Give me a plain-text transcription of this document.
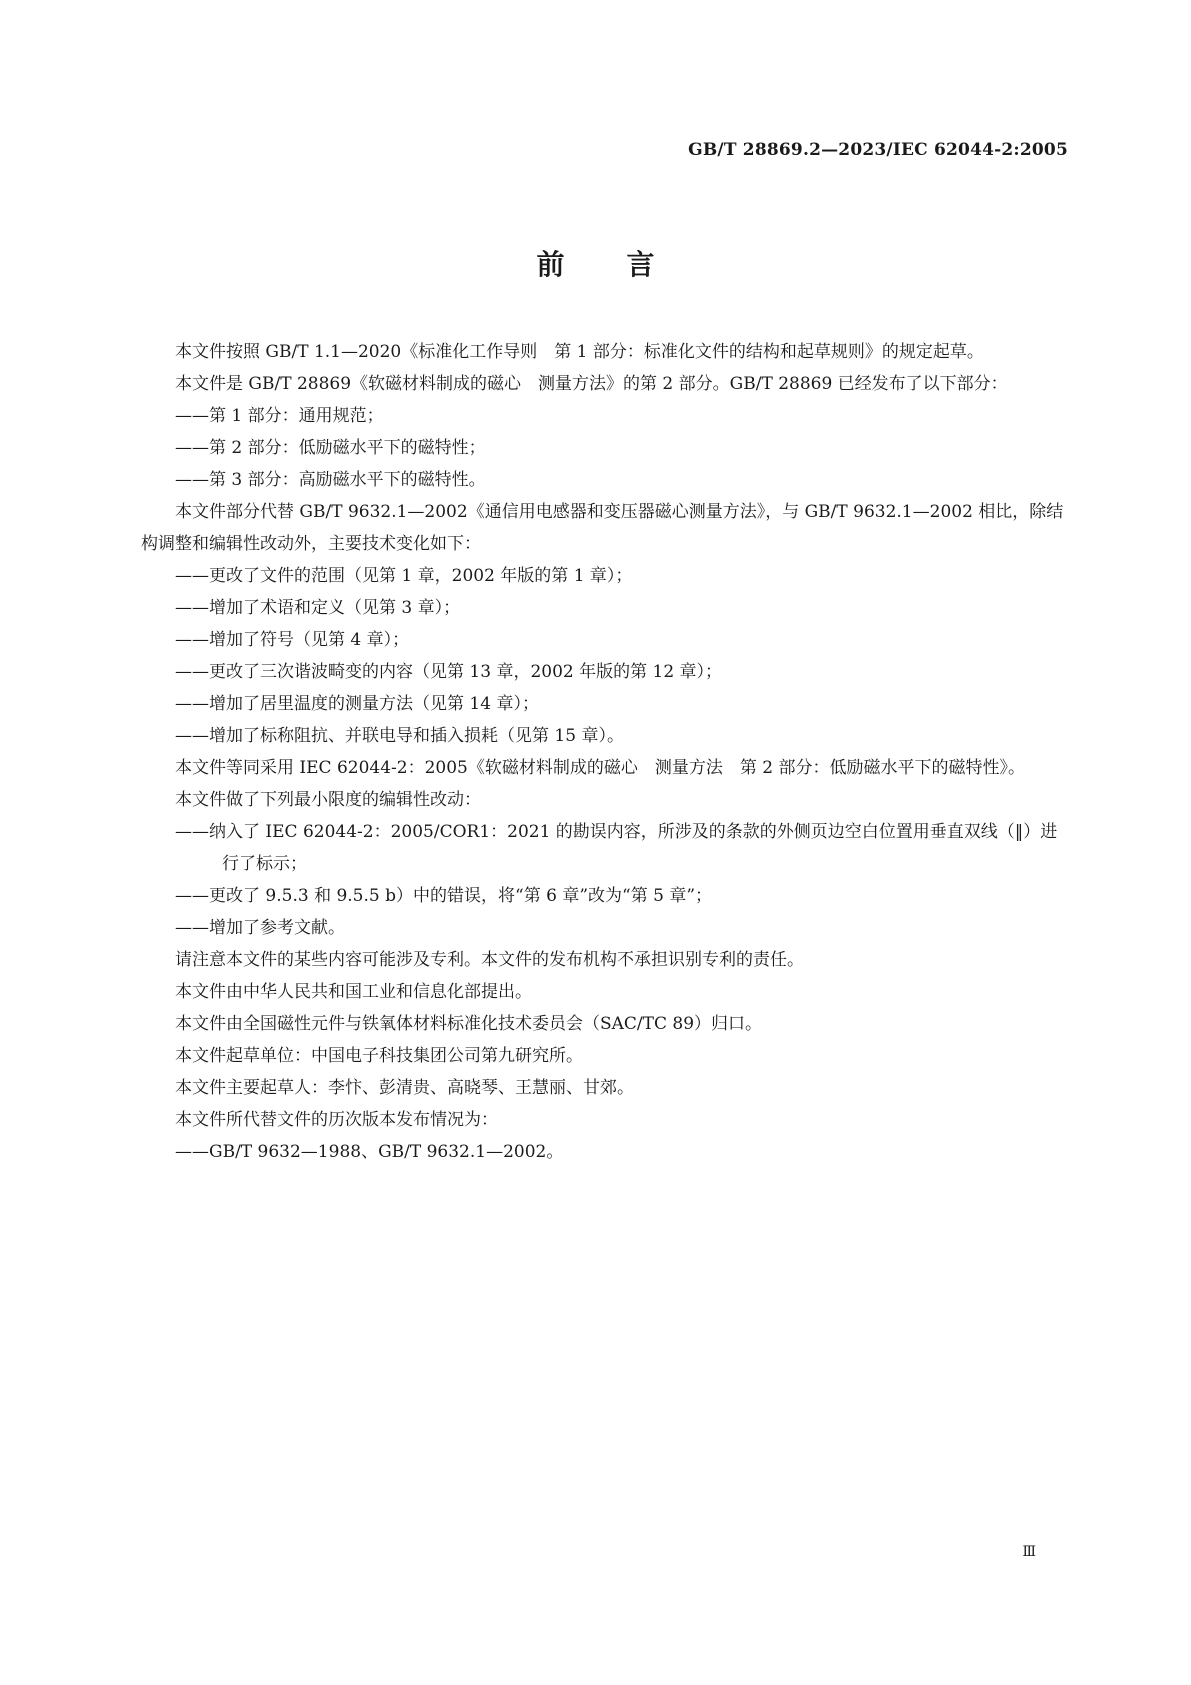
GB/T 28869.2—2023/IEC 62044-2:2005
前 言

本文件按照 GB/T 1.1—2020《标准化工作导则　第 1 部分：标准化文件的结构和起草规则》的规定起草。

本文件是 GB/T 28869《软磁材料制成的磁心　测量方法》的第 2 部分。GB/T 28869 已经发布了以下部分：

——第 1 部分：通用规范；

——第 2 部分：低励磁水平下的磁特性；

——第 3 部分：高励磁水平下的磁特性。

本文件部分代替 GB/T 9632.1—2002《通信用电感器和变压器磁心测量方法》，与 GB/T 9632.1—2002 相比，除结构调整和编辑性改动外，主要技术变化如下：

——更改了文件的范围（见第 1 章，2002 年版的第 1 章）；

——增加了术语和定义（见第 3 章）；

——增加了符号（见第 4 章）；

——更改了三次谐波畸变的内容（见第 13 章，2002 年版的第 12 章）；

——增加了居里温度的测量方法（见第 14 章）；

——增加了标称阻抗、并联电导和插入损耗（见第 15 章）。

本文件等同采用 IEC 62044-2：2005《软磁材料制成的磁心　测量方法　第 2 部分：低励磁水平下的磁特性》。

本文件做了下列最小限度的编辑性改动：

——纳入了 IEC 62044-2：2005/COR1：2021 的勘误内容，所涉及的条款的外侧页边空白位置用垂直双线（‖）进行了标示；

——更改了 9.5.3 和 9.5.5 b）中的错误，将“第 6 章”改为“第 5 章”；

——增加了参考文献。

请注意本文件的某些内容可能涉及专利。本文件的发布机构不承担识别专利的责任。

本文件由中华人民共和国工业和信息化部提出。

本文件由全国磁性元件与铁氧体材料标准化技术委员会（SAC/TC 89）归口。

本文件起草单位：中国电子科技集团公司第九研究所。

本文件主要起草人：李忭、彭清贵、高晓琴、王慧丽、甘郊。

本文件所代替文件的历次版本发布情况为：

——GB/T 9632—1988、GB/T 9632.1—2002。

Ⅲ
